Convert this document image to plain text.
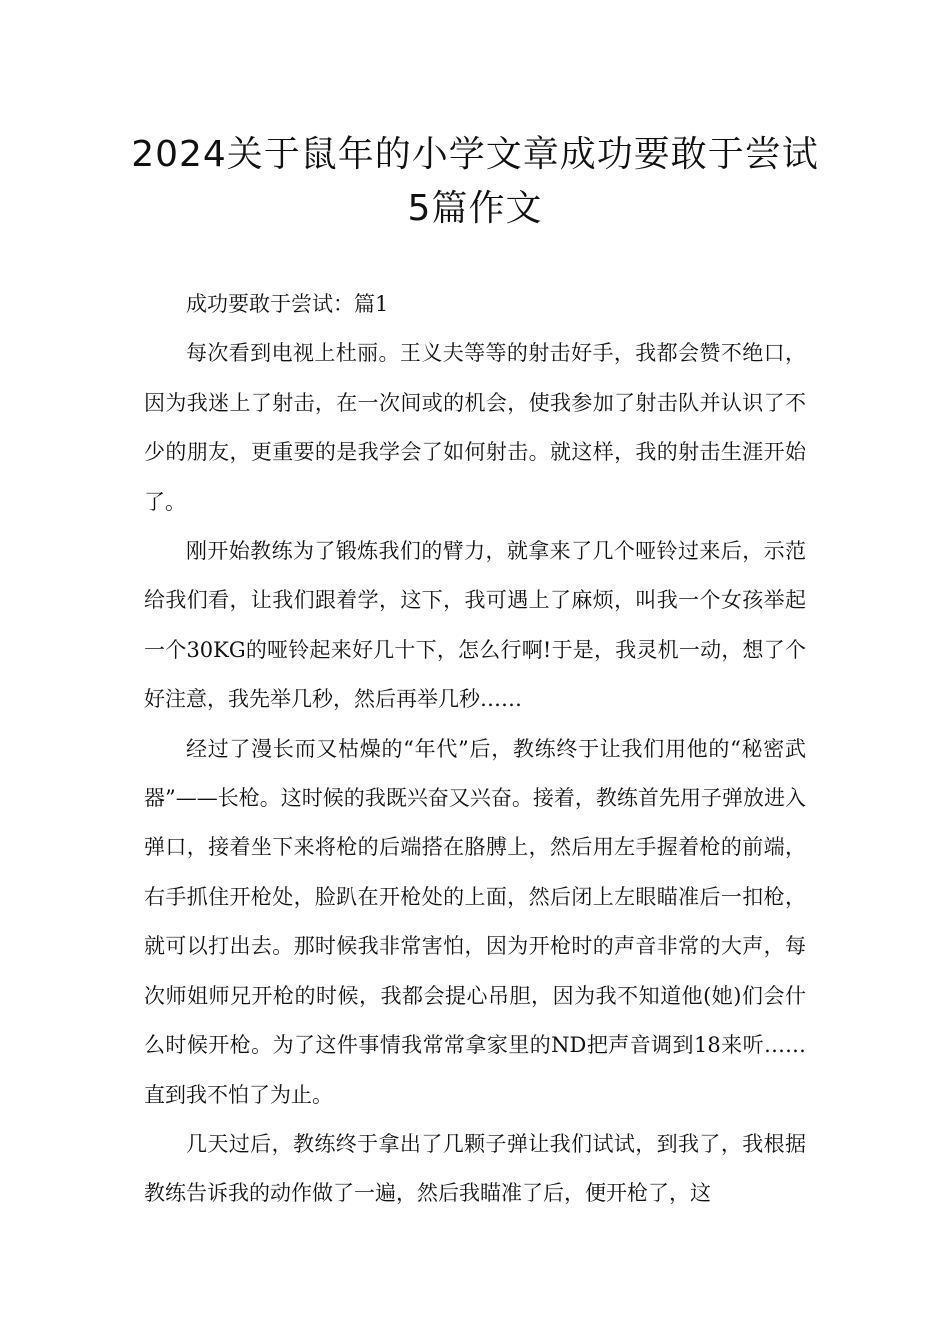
2024关于鼠年的小学文章成功要敢于尝试5篇作文

成功要敢于尝试：篇1

每次看到电视上杜丽。王义夫等等的射击好手，我都会赞不绝口，因为我迷上了射击，在一次间或的机会，使我参加了射击队并认识了不少的朋友，更重要的是我学会了如何射击。就这样，我的射击生涯开始了。

刚开始教练为了锻炼我们的臂力，就拿来了几个哑铃过来后，示范给我们看，让我们跟着学，这下，我可遇上了麻烦，叫我一个女孩举起一个30KG的哑铃起来好几十下，怎么行啊!于是，我灵机一动，想了个好注意，我先举几秒，然后再举几秒……

经过了漫长而又枯燥的“年代”后，教练终于让我们用他的“秘密武器”——长枪。这时候的我既兴奋又兴奋。接着，教练首先用子弹放进入弹口，接着坐下来将枪的后端搭在胳膊上，然后用左手握着枪的前端，右手抓住开枪处，脸趴在开枪处的上面，然后闭上左眼瞄准后一扣枪，就可以打出去。那时候我非常害怕，因为开枪时的声音非常的大声，每次师姐师兄开枪的时候，我都会提心吊胆，因为我不知道他(她)们会什么时候开枪。为了这件事情我常常拿家里的ND把声音调到18来听……直到我不怕了为止。

几天过后，教练终于拿出了几颗子弹让我们试试，到我了，我根据教练告诉我的动作做了一遍，然后我瞄准了后，便开枪了，这
